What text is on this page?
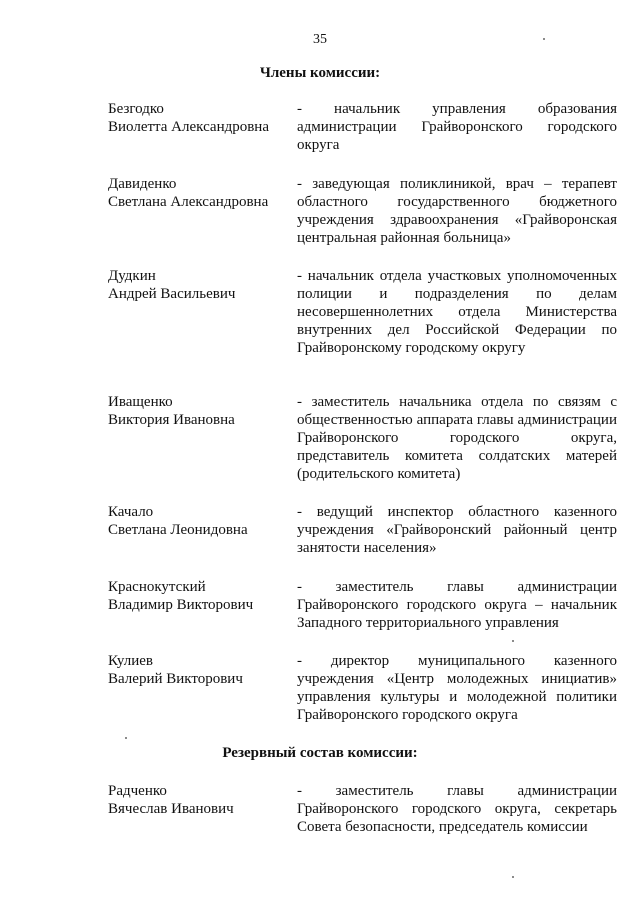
35
Члены комиссии:
Безгодко
Виолетта Александровна
- начальник управления образования администрации Грайворонского городского округа
Давиденко
Светлана Александровна
- заведующая поликлиникой, врач – терапевт областного государственного бюджетного учреждения здравоохранения «Грайворонская центральная районная больница»
Дудкин
Андрей Васильевич
- начальник отдела участковых уполномоченных полиции и подразделения по делам несовершеннолетних отдела Министерства внутренних дел Российской Федерации по Грайворонскому городскому округу
Иващенко
Виктория Ивановна
- заместитель начальника отдела по связям с общественностью аппарата главы администрации Грайворонского городского округа, представитель комитета солдатских матерей (родительского комитета)
Качало
Светлана Леонидовна
- ведущий инспектор областного казенного учреждения «Грайворонский районный центр занятости населения»
Краснокутский
Владимир Викторович
- заместитель главы администрации Грайворонского городского округа – начальник Западного территориального управления
Кулиев
Валерий Викторович
- директор муниципального казенного учреждения «Центр молодежных инициатив» управления культуры и молодежной политики Грайворонского городского округа
Резервный состав комиссии:
Радченко
Вячеслав Иванович
- заместитель главы администрации Грайворонского городского округа, секретарь Совета безопасности, председатель комиссии
